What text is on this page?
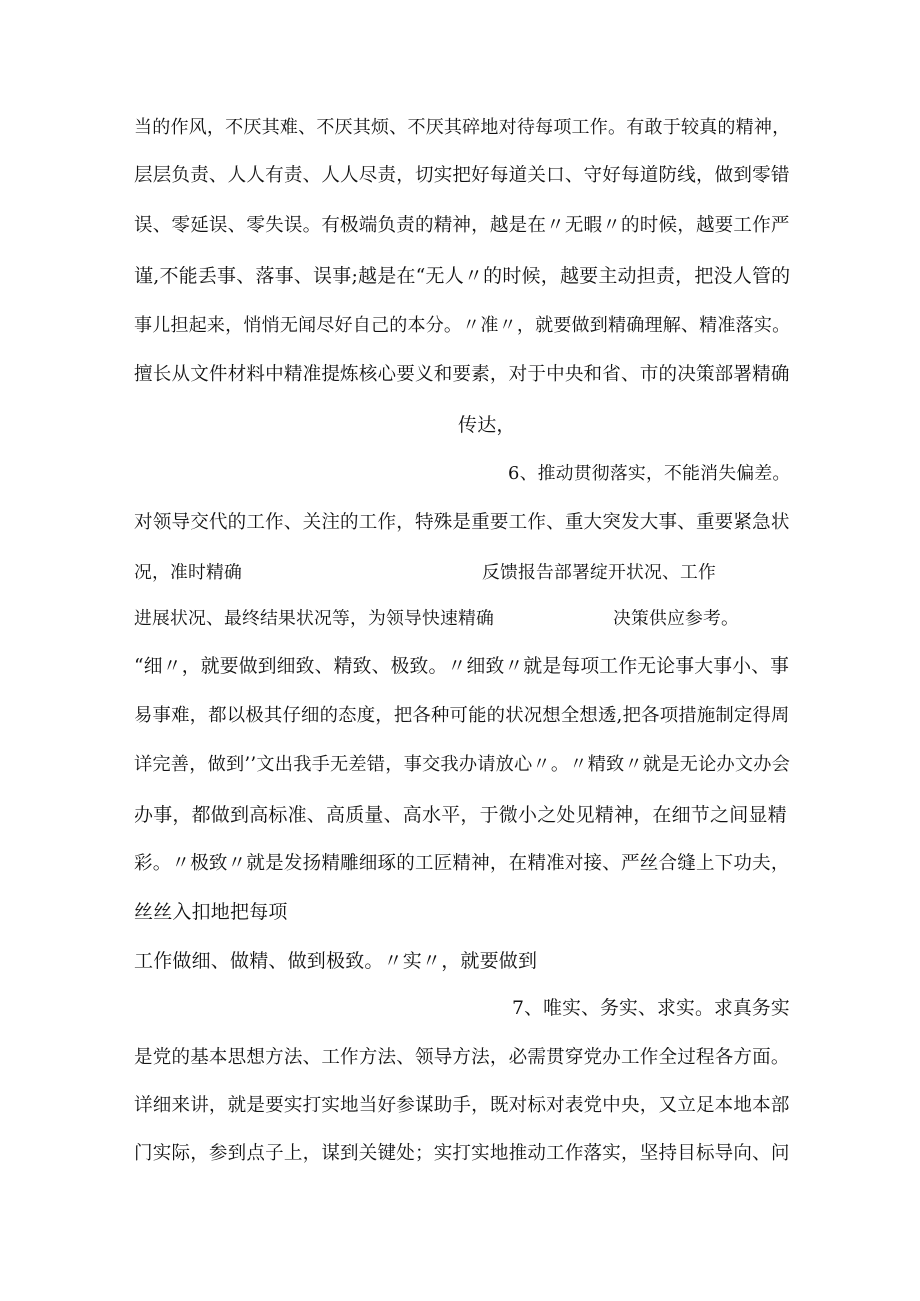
当的作风，不厌其难、不厌其烦、不厌其碎地对待每项工作。有敢于较真的精神，
层层负责、人人有责、人人尽责，切实把好每道关口、守好每道防线，做到零错
误、零延误、零失误。有极端负责的精神，越是在〃无暇〃的时候，越要工作严
谨,不能丢事、落事、误事;越是在“无人〃的时候，越要主动担责，把没人管的
事儿担起来，悄悄无闻尽好自己的本分。〃准〃，就要做到精确理解、精准落实。
擅长从文件材料中精准提炼核心要义和要素，对于中央和省、市的决策部署精确
传达，
6、推动贯彻落实，不能消失偏差。
对领导交代的工作、关注的工作，特殊是重要工作、重大突发大事、重要紧急状
况，准时精确	反馈报告部署绽开状况、工作
进展状况、最终结果状况等，为领导快速精确	决策供应参考。
“细〃，就要做到细致、精致、极致。〃细致〃就是每项工作无论事大事小、事
易事难，都以极其仔细的态度，把各种可能的状况想全想透,把各项措施制定得周
详完善，做到’’文出我手无差错，事交我办请放心〃。〃精致〃就是无论办文办会
办事，都做到高标准、高质量、高水平，于微小之处见精神，在细节之间显精
彩。〃极致〃就是发扬精雕细琢的工匠精神，在精准对接、严丝合缝上下功夫，
丝丝入扣地把每项
工作做细、做精、做到极致。〃实〃，就要做到
7、唯实、务实、求实。求真务实
是党的基本思想方法、工作方法、领导方法，必需贯穿党办工作全过程各方面。
详细来讲，就是要实打实地当好参谋助手，既对标对表党中央，又立足本地本部
门实际，参到点子上，谋到关键处；实打实地推动工作落实，坚持目标导向、问
